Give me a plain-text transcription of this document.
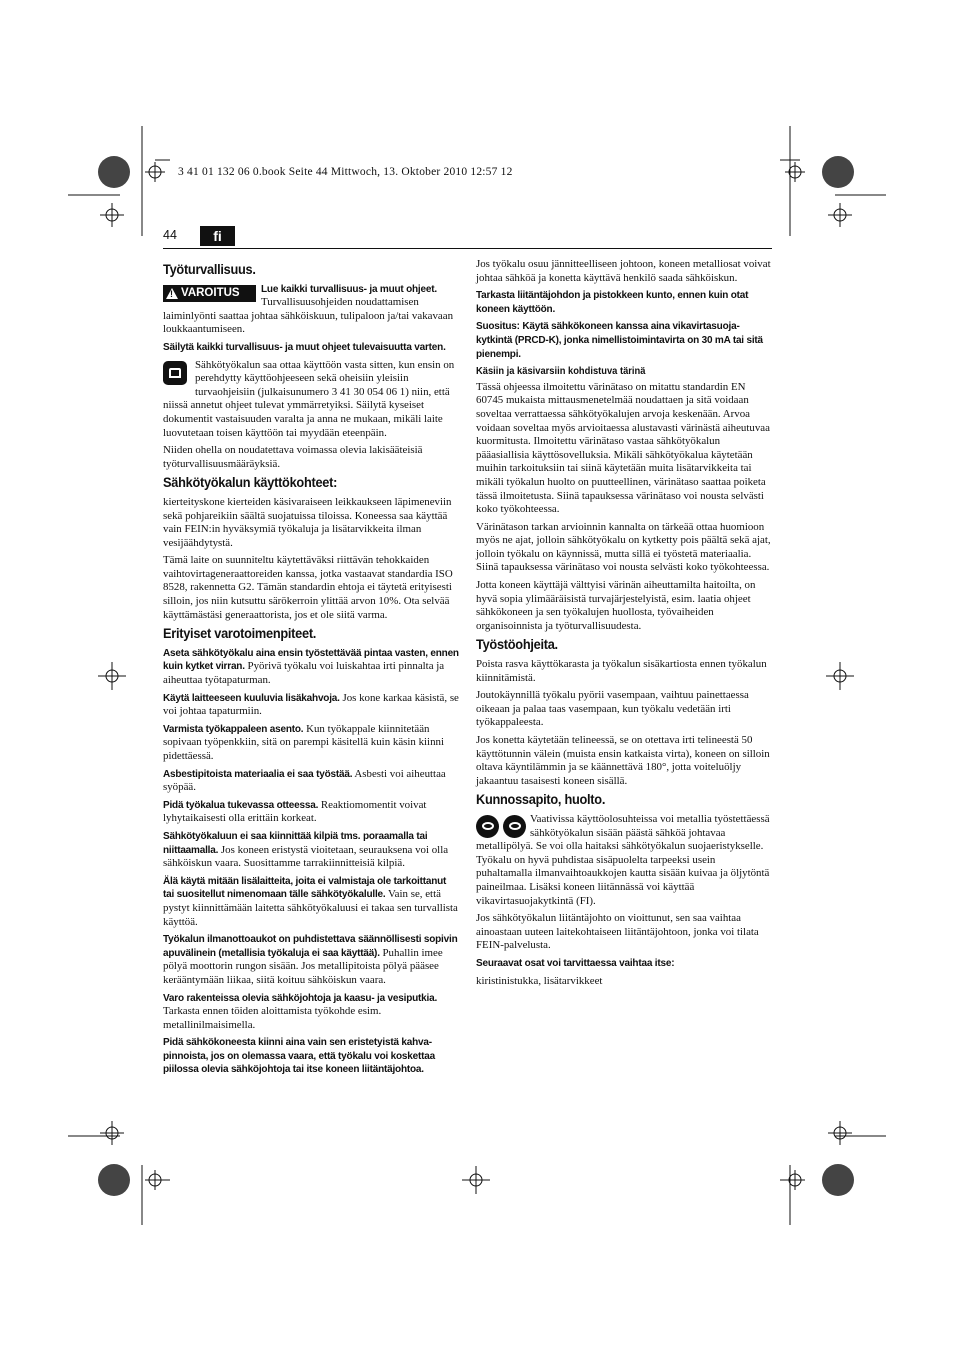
3 41 01 132 06 0.book Seite 44 Mittwoch, 13. Oktober 2010 12:57 12
44	fi
Työturvallisuus.

!
VAROITUS Lue kaikki turvallisuus- ja muut ohjeet. Turvallisuusohjeiden noudattamisen laiminlyönti saattaa johtaa sähköiskuun, tulipaloon ja/tai vakavaan loukkaantumiseen.

Säilytä kaikki turvallisuus- ja muut ohjeet tulevaisuutta varten.

Sähkötyökalun saa ottaa käyttöön vasta sitten, kun ensin on perehdytty käyttöohjeeseen sekä oheisiin yleisiin turvaohjeisiin (julkaisunumero 3 41 30 054 06 1) niin, että niissä annetut ohjeet tulevat ymmärretyiksi. Säilytä kyseiset dokumentit vastaisuuden varalta ja anna ne mukaan, mikäli laite luovutetaan toisen käyttöön tai myydään eteenpäin.

Niiden ohella on noudatettava voimassa olevia lakisääteisiä työturvallisuusmääräyksiä.

Sähkötyökalun käyttökohteet:

kierteityskone kierteiden käsivaraiseen leikkaukseen läpimeneviin sekä pohjareikiin säältä suojatuissa tiloissa. Koneessa saa käyttää vain FEIN:in hyväksymiä työkaluja ja lisätarvikkeita ilman vesijäähdytystä.

Tämä laite on suunniteltu käytettäväksi riittävän tehokkaiden vaihtovirtageneraattoreiden kanssa, jotka vastaavat standardia ISO 8528, rakennetta G2. Tämän standardin ehtoja ei täytetä erityisesti silloin, jos niin kutsuttu särökerroin ylittää arvon 10%. Ota selvää käyttämästäsi generaattorista, jos et ole siitä varma.

Erityiset varotoimenpiteet.

Aseta sähkötyökalu aina ensin työstettävää pintaa vasten, ennen kuin kytket virran. Pyörivä työkalu voi luiskahtaa irti pinnalta ja aiheuttaa työtapaturman.

Käytä laitteeseen kuuluvia lisäkahvoja. Jos kone karkaa käsistä, se voi johtaa tapaturmiin.

Varmista työkappaleen asento. Kun työkappale kiinnitetään sopivaan työpenkkiin, sitä on parempi käsitellä kuin käsin kiinni pidettäessä.

Asbestipitoista materiaalia ei saa työstää. Asbesti voi aiheuttaa syöpää.

Pidä työkalua tukevassa otteessa. Reaktiomomentit voivat lyhytaikaisesti olla erittäin korkeat.

Sähkötyökaluun ei saa kiinnittää kilpiä tms. poraamalla tai niittaamalla. Jos koneen eristystä vioitetaan, seurauksena voi olla sähköiskun vaara. Suosittamme tarrakiinnitteisiä kilpiä.

Älä käytä mitään lisälaitteita, joita ei valmistaja ole tarkoittanut tai suositellut nimenomaan tälle sähkötyökalulle. Vain se, että pystyt kiinnittämään laitetta sähkötyökaluusi ei takaa sen turvallista käyttöä.

Työkalun ilmanottoaukot on puhdistettava säännöllisesti sopivin apuvälinein (metallisia työkaluja ei saa käyttää). Puhallin imee pölyä moottorin rungon sisään. Jos metallipitoista pölyä pääsee kerääntymään liikaa, siitä koituu sähköiskun vaara.

Varo rakenteissa olevia sähköjohtoja ja kaasu- ja vesiputkia. Tarkasta ennen töiden aloittamista työkohde esim. metallinilmaisimella.

Pidä sähkökoneesta kiinni aina vain sen eristetyistä kahvapinnoista, jos on olemassa vaara, että työkalu voi koskettaa piilossa olevia sähköjohtoja tai itse koneen liitäntäjohtoa.

Jos työkalu osuu jännitteelliseen johtoon, koneen metalliosat voivat johtaa sähköä ja konetta käyttävä henkilö saada sähköiskun.

Tarkasta liitäntäjohdon ja pistokkeen kunto, ennen kuin otat koneen käyttöön.

Suositus: Käytä sähkökoneen kanssa aina vikavirtasuojakytkintä (PRCD-K), jonka nimellistoimintavirta on 30 mA tai sitä pienempi.

Käsiin ja käsivarsiin kohdistuva tärinä

Tässä ohjeessa ilmoitettu värinätaso on mitattu standardin EN 60745 mukaista mittausmenetelmää noudattaen ja sitä voidaan soveltaa verrattaessa sähkötyökalujen arvoja keskenään. Arvoa voidaan soveltaa myös arvioitaessa alustavasti värinästä aiheutuvaa kuormitusta. Ilmoitettu värinätaso vastaa sähkötyökalun pääasiallisia käyttösovelluksia. Mikäli sähkötyökalua käytetään muihin tarkoituksiin tai siinä käytetään muita lisätarvikkeita tai mikäli työkalun huolto on puutteellinen, värinätaso saattaa poiketa tässä ilmoitetusta. Siinä tapauksessa värinätaso voi nousta selvästi koko työkohteessa.

Värinätason tarkan arvioinnin kannalta on tärkeää ottaa huomioon myös ne ajat, jolloin sähkötyökalu on kytketty pois päältä sekä ajat, jolloin työkalu on käynnissä, mutta sillä ei työstetä materiaalia. Siinä tapauksessa värinätaso voi nousta selvästi koko työkohteessa.

Jotta koneen käyttäjä välttyisi värinän aiheuttamilta haitoilta, on hyvä sopia ylimääräisistä turvajärjestelyistä, esim. laatia ohjeet sähkökoneen ja sen työkalujen huollosta, työvaiheiden organisoinnista ja työturvallisuudesta.

Työstöohjeita.

Poista rasva käyttökarasta ja työkalun sisäkartiosta ennen työkalun kiinnitämistä.

Joutokäynnillä työkalu pyörii vasempaan, vaihtuu painettaessa oikeaan ja palaa taas vasempaan, kun työkalu vedetään irti työkappaleesta.

Jos konetta käytetään telineessä, se on otettava irti telineestä 50 käyttötunnin välein (muista ensin katkaista virta), koneen on silloin oltava käyntilämmin ja se käännettävä 180°, jotta voiteluöljy jakaantuu tasaisesti koneen sisällä.

Kunnossapito, huolto.

Vaativissa käyttöolosuhteissa voi metallia työstettäessä sähkötyökalun sisään päästä sähköä johtavaa metallipölyä. Se voi olla haitaksi sähkötyökalun suojaeristykselle. Työkalu on hyvä puhdistaa sisäpuolelta tarpeeksi usein puhaltamalla ilmanvaihtoaukkojen kautta sisään kuivaa ja öljytöntä paineilmaa. Lisäksi koneen liitännässä voi käyttää vikavirtasuojakytkintä (FI).

Jos sähkötyökalun liitäntäjohto on vioittunut, sen saa vaihtaa ainoastaan uuteen laitekohtaiseen liitäntäjohtoon, jonka voi tilata FEIN-palvelusta.

Seuraavat osat voi tarvittaessa vaihtaa itse:

kiristinistukka, lisätarvikkeet
